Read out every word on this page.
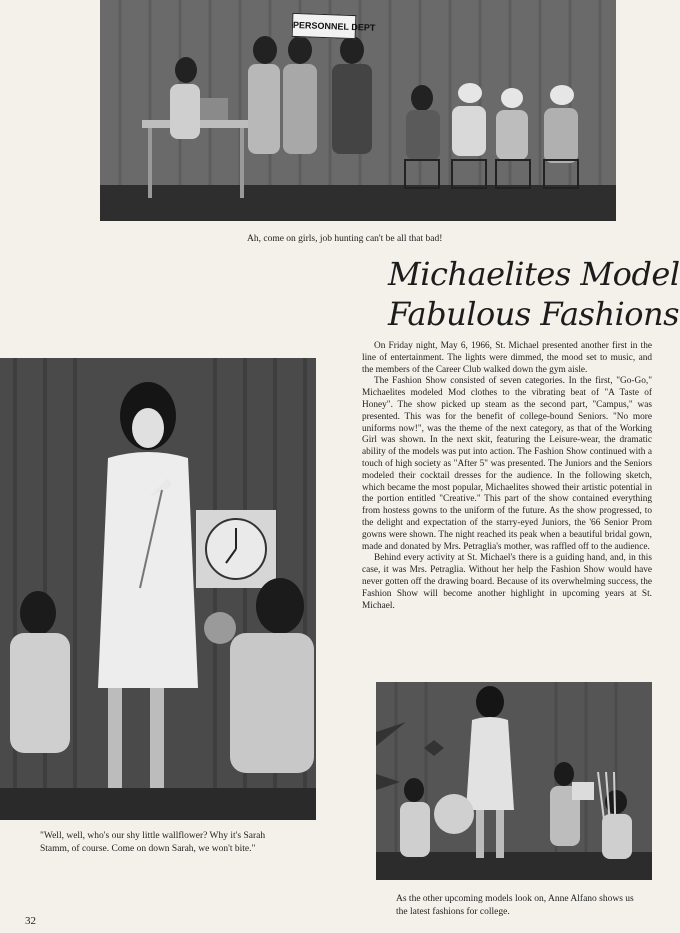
PERSONNEL DEPT
Ah, come on girls, job hunting can't be all that bad!
Michaelites Model
Fabulous Fashions

On Friday night, May 6, 1966, St. Michael presented another first in the line of entertainment. The lights were dimmed, the mood set to music, and the members of the Career Club walked down the gym aisle.

The Fashion Show consisted of seven categories. In the first, "Go-Go," Michaelites modeled Mod clothes to the vibrating beat of "A Taste of Honey". The show picked up steam as the second part, "Campus," was presented. This was for the benefit of college-bound Seniors. "No more uniforms now!", was the theme of the next category, as that of the Working Girl was shown. In the next skit, featuring the Leisure-wear, the dramatic ability of the models was put into action. The Fashion Show continued with a touch of high society as "After 5" was presented. The Juniors and the Seniors modeled their cocktail dresses for the audience. In the following sketch, which became the most popular, Michaelites showed their artistic potential in the portion entitled "Creative." This part of the show contained everything from hostess gowns to the uniform of the future. As the show progressed, to the delight and expectation of the starry-eyed Juniors, the '66 Senior Prom gowns were shown. The night reached its peak when a beautiful bridal gown, made and donated by Mrs. Petraglia's mother, was raffled off to the audience.

Behind every activity at St. Michael's there is a guiding hand, and, in this case, it was Mrs. Petraglia. Without her help the Fashion Show would have never gotten off the drawing board. Because of its overwhelming success, the Fashion Show will become another highlight in upcoming years at St. Michael.

"Well, well, who's our shy little wallflower? Why it's Sarah Stamm, of course. Come on down Sarah, we won't bite."
As the other upcoming models look on, Anne Alfano shows us the latest fashions for college.
32
